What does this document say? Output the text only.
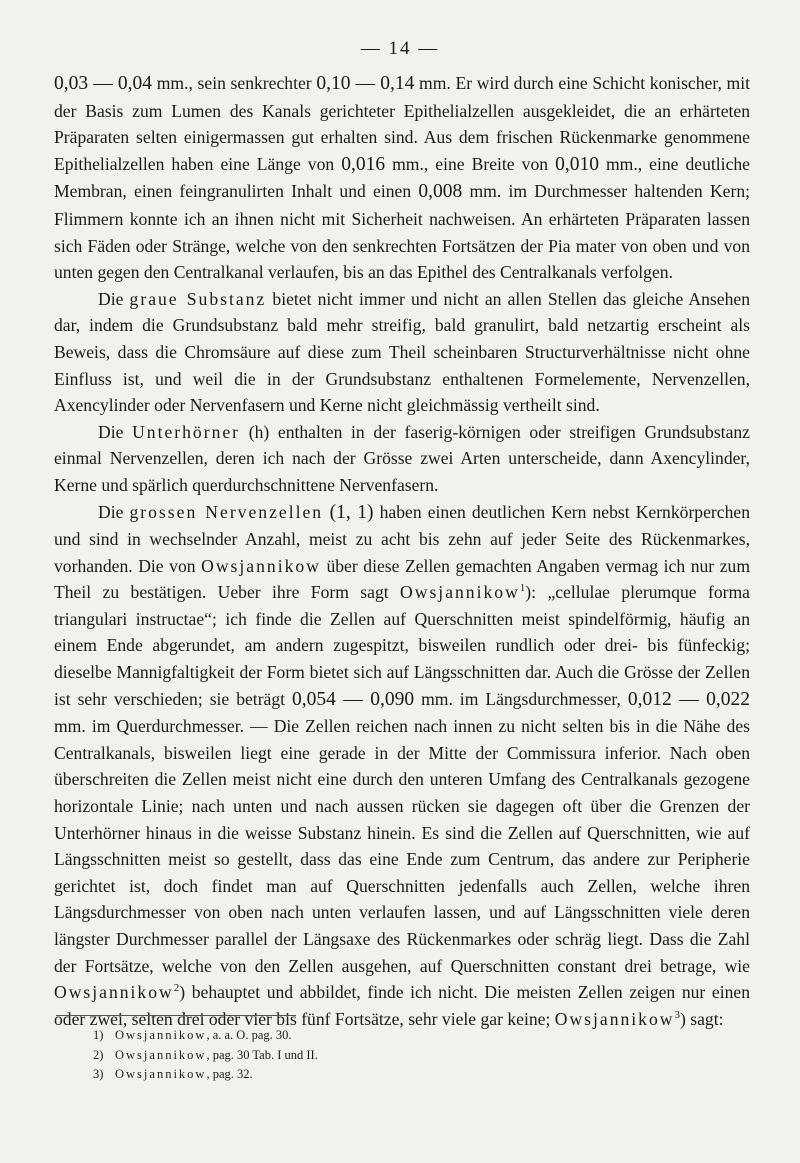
— 14 —

0,03 — 0,04 mm., sein senkrechter 0,10 — 0,14 mm. Er wird durch eine Schicht konischer, mit der Basis zum Lumen des Kanals gerichteter Epithelialzellen ausgekleidet, die an erhärteten Präparaten selten einigermassen gut erhalten sind. Aus dem frischen Rückenmarke genommene Epithelialzellen haben eine Länge von 0,016 mm., eine Breite von 0,010 mm., eine deutliche Membran, einen feingranulirten Inhalt und einen 0,008 mm. im Durchmesser haltenden Kern; Flimmern konnte ich an ihnen nicht mit Sicherheit nachweisen. An erhärteten Präparaten lassen sich Fäden oder Stränge, welche von den senkrechten Fortsätzen der Pia mater von oben und von unten gegen den Centralkanal verlaufen, bis an das Epithel des Centralkanals verfolgen.

Die graue Substanz bietet nicht immer und nicht an allen Stellen das gleiche Ansehen dar, indem die Grundsubstanz bald mehr streifig, bald granulirt, bald netzartig erscheint als Beweis, dass die Chromsäure auf diese zum Theil scheinbaren Structurverhältnisse nicht ohne Einfluss ist, und weil die in der Grundsubstanz enthaltenen Formelemente, Nervenzellen, Axencylinder oder Nervenfasern und Kerne nicht gleichmässig vertheilt sind.

Die Unterhörner (h) enthalten in der faserig-körnigen oder streifigen Grundsubstanz einmal Nervenzellen, deren ich nach der Grösse zwei Arten unterscheide, dann Axencylinder, Kerne und spärlich querdurchschnittene Nervenfasern.

Die grossen Nervenzellen (1, 1) haben einen deutlichen Kern nebst Kernkörperchen und sind in wechselnder Anzahl, meist zu acht bis zehn auf jeder Seite des Rückenmarkes, vorhanden. Die von Owsjannikow über diese Zellen gemachten Angaben vermag ich nur zum Theil zu bestätigen. Ueber ihre Form sagt Owsjannikow$^1$): „cellulae plerumque forma triangulari instructae“; ich finde die Zellen auf Querschnitten meist spindelförmig, häufig an einem Ende abgerundet, am andern zugespitzt, bisweilen rundlich oder drei- bis fünfeckig; dieselbe Mannigfaltigkeit der Form bietet sich auf Längsschnitten dar. Auch die Grösse der Zellen ist sehr verschieden; sie beträgt 0,054 — 0,090 mm. im Längsdurchmesser, 0,012 — 0,022 mm. im Querdurchmesser. — Die Zellen reichen nach innen zu nicht selten bis in die Nähe des Centralkanals, bisweilen liegt eine gerade in der Mitte der Commissura inferior. Nach oben überschreiten die Zellen meist nicht eine durch den unteren Umfang des Centralkanals gezogene horizontale Linie; nach unten und nach aussen rücken sie dagegen oft über die Grenzen der Unterhörner hinaus in die weisse Substanz hinein. Es sind die Zellen auf Querschnitten, wie auf Längsschnitten meist so gestellt, dass das eine Ende zum Centrum, das andere zur Peripherie gerichtet ist, doch findet man auf Querschnitten jedenfalls auch Zellen, welche ihren Längsdurchmesser von oben nach unten verlaufen lassen, und auf Längsschnitten viele deren längster Durchmesser parallel der Längsaxe des Rückenmarkes oder schräg liegt. Dass die Zahl der Fortsätze, welche von den Zellen ausgehen, auf Querschnitten constant drei betrage, wie Owsjannikow$^2$) behauptet und abbildet, finde ich nicht. Die meisten Zellen zeigen nur einen oder zwei, selten drei oder vier bis fünf Fortsätze, sehr viele gar keine; Owsjannikow$^3$) sagt:

1) Owsjannikow, a. a. O. pag. 30.
2) Owsjannikow, pag. 30 Tab. I und II.
3) Owsjannikow, pag. 32.
